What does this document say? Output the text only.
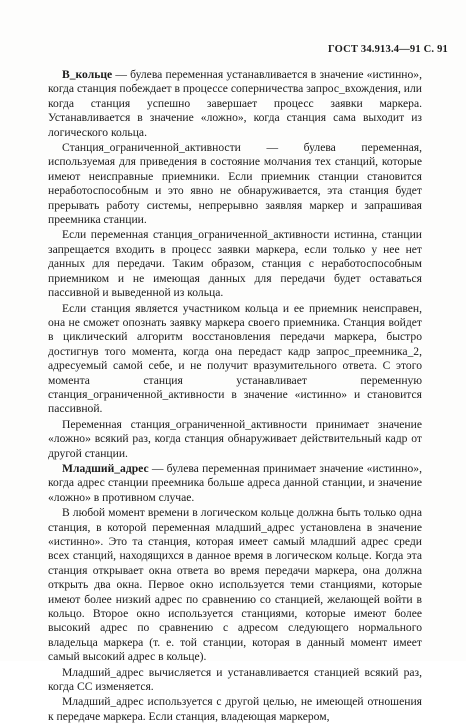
ГОСТ 34.913.4—91 С. 91

В_кольце — булева переменная устанавливается в значение «истинно», когда станция побеждает в процессе соперничества запрос_вхождения, или когда станция успешно завершает процесс заявки маркера. Устанавливается в значение «ложно», когда станция сама выходит из логического кольца.

Станция_ограниченной_активности — булева переменная, используемая для приведения в состояние молчания тех станций, которые имеют неисправные приемники. Если приемник станции становится неработоспособным и это явно не обнаруживается, эта станция будет прерывать работу системы, непрерывно заявляя маркер и запрашивая преемника станции.

Если переменная станция_ограниченной_активности истинна, станции запрещается входить в процесс заявки маркера, если только у нее нет данных для передачи. Таким образом, станция с неработоспособным приемником и не имеющая данных для передачи будет оставаться пассивной и выведенной из кольца.

Если станция является участником кольца и ее приемник неисправен, она не сможет опознать заявку маркера своего приемника. Станция войдет в циклический алгоритм восстановления передачи маркера, быстро достигнув того момента, когда она передаст кадр запрос_преемника_2, адресуемый самой себе, и не получит вразумительного ответа. С этого момента станция устанавливает переменную станция_ограниченной_активности в значение «истинно» и становится пассивной.

Переменная станция_ограниченной_активности принимает значение «ложно» всякий раз, когда станция обнаруживает действительный кадр от другой станции.

Младший_адрес — булева переменная принимает значение «истинно», когда адрес станции преемника больше адреса данной станции, и значение «ложно» в противном случае.

В любой момент времени в логическом кольце должна быть только одна станция, в которой переменная младший_адрес установлена в значение «истинно». Это та станция, которая имеет самый младший адрес среди всех станций, находящихся в данное время в логическом кольце. Когда эта станция открывает окна ответа во время передачи маркера, она должна открыть два окна. Первое окно используется теми станциями, которые имеют более низкий адрес по сравнению со станцией, желающей войти в кольцо. Второе окно используется станциями, которые имеют более высокий адрес по сравнению с адресом следующего нормального владельца маркера (т. е. той станции, которая в данный момент имеет самый высокий адрес в кольце).

Младший_адрес вычисляется и устанавливается станцией всякий раз, когда СС изменяется.

Младший_адрес используется с другой целью, не имеющей отношения к передаче маркера. Если станция, владеющая маркером,
